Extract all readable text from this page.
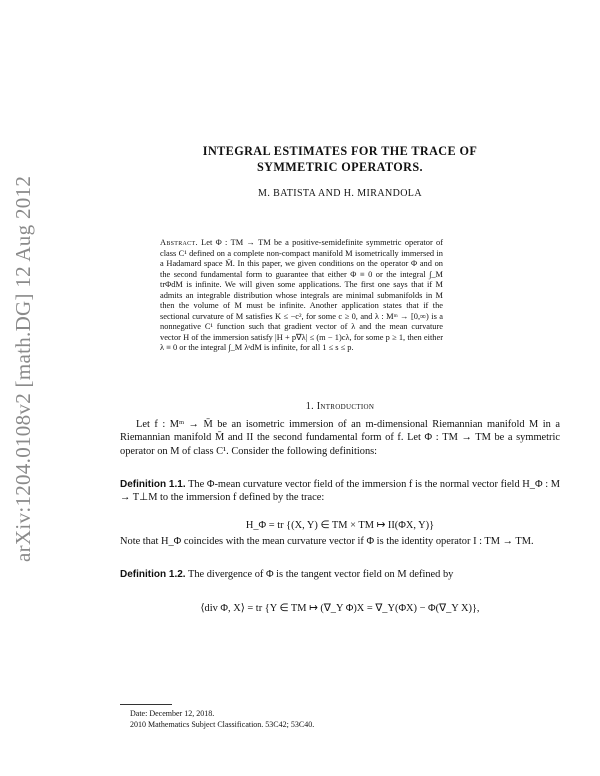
arXiv:1204.0108v2 [math.DG] 12 Aug 2012
INTEGRAL ESTIMATES FOR THE TRACE OF
SYMMETRIC OPERATORS.
M. BATISTA AND H. MIRANDOLA

Abstract. Let Φ : TM → TM be a positive-semidefinite symmetric operator of class C¹ defined on a complete non-compact manifold M isometrically immersed in a Hadamard space M̄. In this paper, we given conditions on the operator Φ and on the second fundamental form to guarantee that either Φ ≡ 0 or the integral ∫_M trΦdM is infinite. We will given some applications. The first one says that if M admits an integrable distribution whose integrals are minimal submanifolds in M then the volume of M must be infinite. Another application states that if the sectional curvature of M satisfies K ≤ −c², for some c ≥ 0, and λ : Mᵐ → [0,∞) is a nonnegative C¹ function such that gradient vector of λ and the mean curvature vector H of the immersion satisfy |H + p∇λ| ≤ (m − 1)cλ, for some p ≥ 1, then either λ ≡ 0 or the integral ∫_M λˢdM is infinite, for all 1 ≤ s ≤ p.

1. Introduction

Let f : Mᵐ → M̄ be an isometric immersion of an m-dimensional Riemannian manifold M in a Riemannian manifold M̄ and II the second fundamental form of f. Let Φ : TM → TM be a symmetric operator on M of class C¹. Consider the following definitions:

Definition 1.1. The Φ-mean curvature vector field of the immersion f is the normal vector field H_Φ : M → T⊥M to the immersion f defined by the trace:

H_Φ = tr {(X, Y) ∈ TM × TM ↦ II(ΦX, Y)}

Note that H_Φ coincides with the mean curvature vector if Φ is the identity operator I : TM → TM.

Definition 1.2. The divergence of Φ is the tangent vector field on M defined by

⟨div Φ, X⟩ = tr {Y ∈ TM ↦ (∇_Y Φ)X = ∇_Y(ΦX) − Φ(∇_Y X)},

Date: December 12, 2018.

2010 Mathematics Subject Classification. 53C42; 53C40.
